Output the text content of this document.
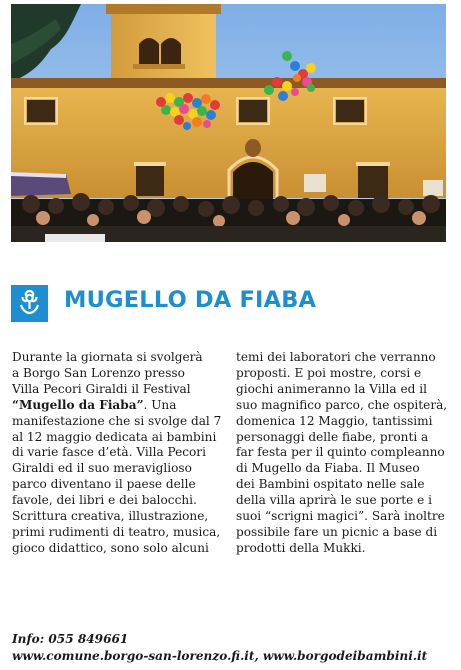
MUGELLO DA FIABA
Durante la giornata si svolgerà
a Borgo San Lorenzo presso
Villa Pecori Giraldi il Festival
“Mugello da Fiaba”. Una
manifestazione che si svolge dal 7
al 12 maggio dedicata ai bambini
di varie fasce d’età. Villa Pecori
Giraldi ed il suo meraviglioso
parco diventano il paese delle
favole, dei libri e dei balocchi.
Scrittura creativa, illustrazione,
primi rudimenti di teatro, musica,
gioco didattico, sono solo alcuni
temi dei laboratori che verranno
proposti. E poi mostre, corsi e
giochi animeranno la Villa ed il
suo magnifico parco, che ospiterà,
domenica 12 Maggio, tantissimi
personaggi delle fiabe, pronti a
far festa per il quinto compleanno
di Mugello da Fiaba. Il Museo
dei Bambini ospitato nelle sale
della villa aprirà le sue porte e i
suoi “scrigni magici”. Sarà inoltre
possibile fare un picnic a base di
prodotti della Mukki.
Info: 055 849661
www.comune.borgo-san-lorenzo.fi.it, www.borgodeibambini.it
